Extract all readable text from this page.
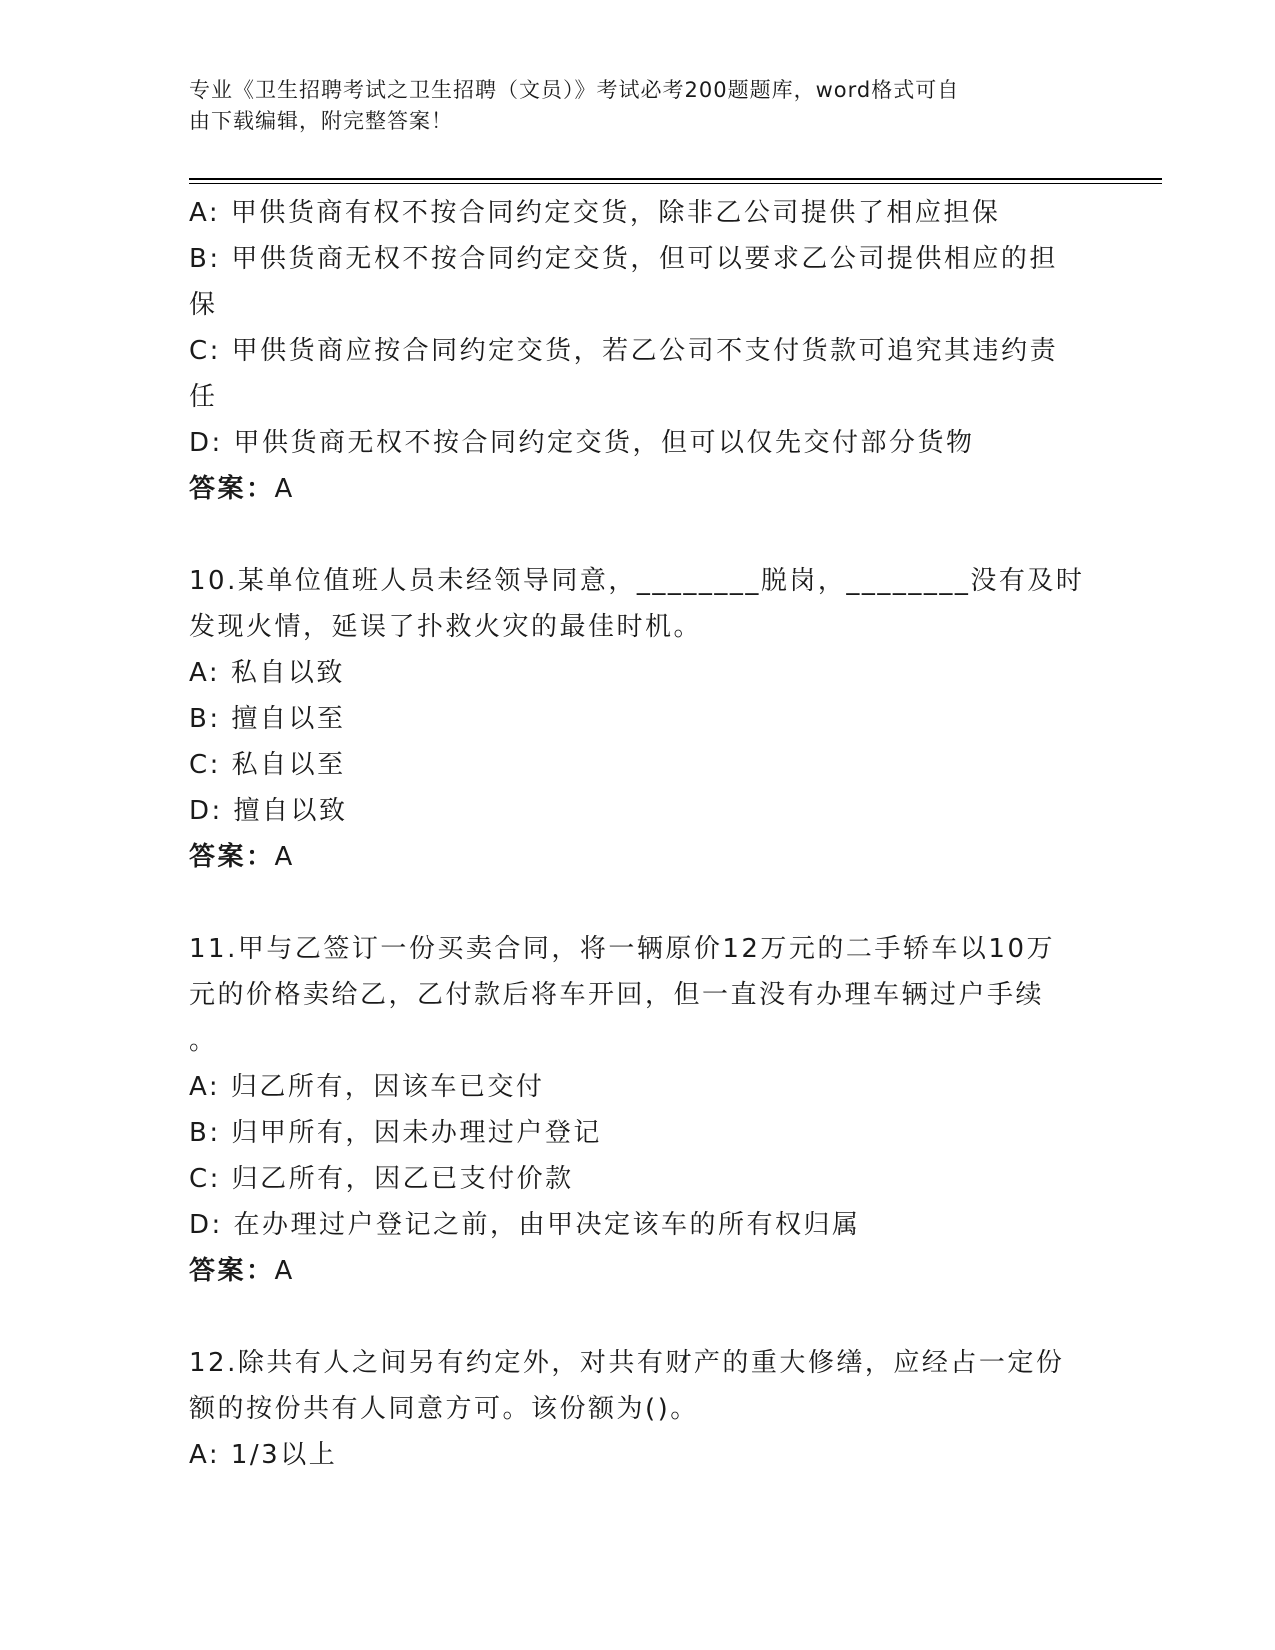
专业《卫生招聘考试之卫生招聘（文员）》考试必考200题题库，word格式可自
由下载编辑，附完整答案！
A: 甲供货商有权不按合同约定交货，除非乙公司提供了相应担保
B: 甲供货商无权不按合同约定交货，但可以要求乙公司提供相应的担
保
C: 甲供货商应按合同约定交货，若乙公司不支付货款可追究其违约责
任
D: 甲供货商无权不按合同约定交货，但可以仅先交付部分货物
答案：A
10.某单位值班人员未经领导同意，________脱岗，________没有及时
发现火情，延误了扑救火灾的最佳时机。
A: 私自以致
B: 擅自以至
C: 私自以至
D: 擅自以致
答案：A
11.甲与乙签订一份买卖合同，将一辆原价12万元的二手轿车以10万
元的价格卖给乙，乙付款后将车开回，但一直没有办理车辆过户手续
。
A: 归乙所有，因该车已交付
B: 归甲所有，因未办理过户登记
C: 归乙所有，因乙已支付价款
D: 在办理过户登记之前，由甲决定该车的所有权归属
答案：A
12.除共有人之间另有约定外，对共有财产的重大修缮，应经占一定份
额的按份共有人同意方可。该份额为()。
A: 1/3以上
